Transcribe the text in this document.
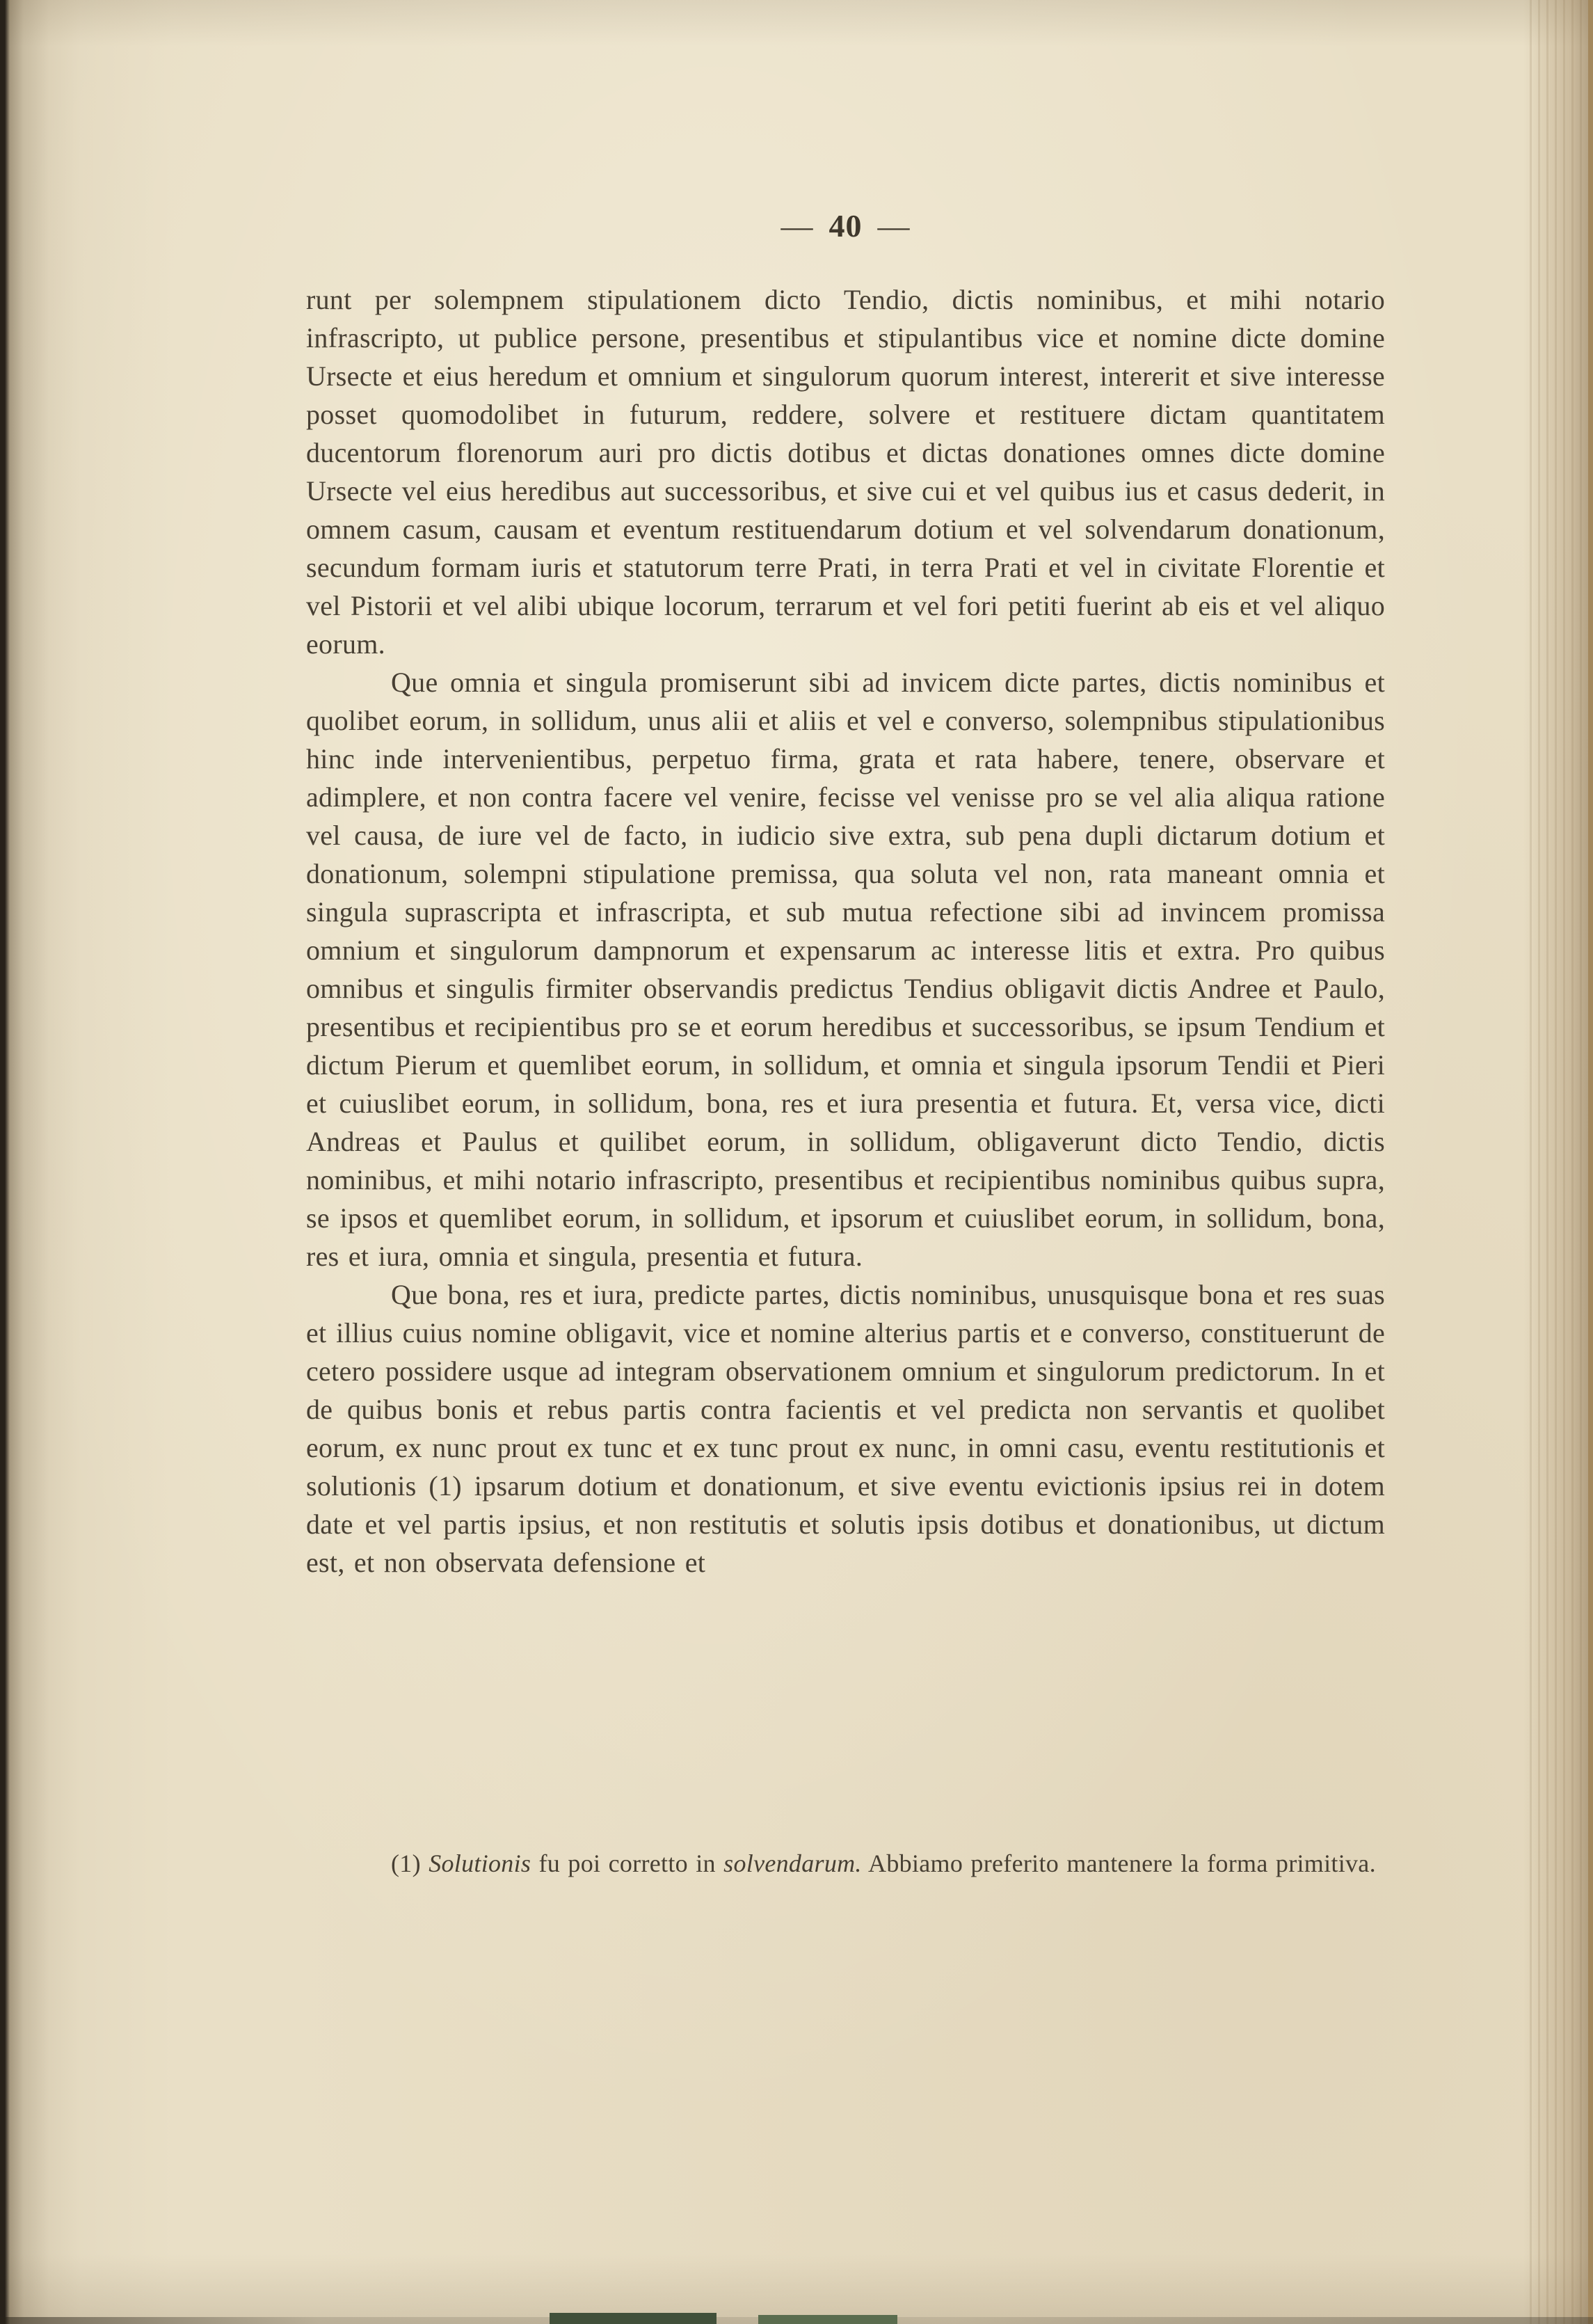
— 40 —

runt per solempnem stipulationem dicto Tendio, dictis nominibus, et mihi notario infrascripto, ut publice persone, presentibus et stipulantibus vice et nomine dicte domine Ursecte et eius heredum et omnium et singulorum quorum interest, intererit et sive interesse posset quomodolibet in futurum, reddere, solvere et restituere dictam quantitatem ducentorum florenorum auri pro dictis dotibus et dictas donationes omnes dicte domine Ursecte vel eius heredibus aut successoribus, et sive cui et vel quibus ius et casus dederit, in omnem casum, causam et eventum restituendarum dotium et vel solvendarum donationum, secundum formam iuris et statutorum terre Prati, in terra Prati et vel in civitate Florentie et vel Pistorii et vel alibi ubique locorum, terrarum et vel fori petiti fuerint ab eis et vel aliquo eorum.

Que omnia et singula promiserunt sibi ad invicem dicte partes, dictis nominibus et quolibet eorum, in sollidum, unus alii et aliis et vel e converso, solempnibus stipulationibus hinc inde intervenientibus, perpetuo firma, grata et rata habere, tenere, observare et adimplere, et non contra facere vel venire, fecisse vel venisse pro se vel alia aliqua ratione vel causa, de iure vel de facto, in iudicio sive extra, sub pena dupli dictarum dotium et donationum, solempni stipulatione premissa, qua soluta vel non, rata maneant omnia et singula suprascripta et infrascripta, et sub mutua refectione sibi ad invincem promissa omnium et singulorum dampnorum et expensarum ac interesse litis et extra. Pro quibus omnibus et singulis firmiter observandis predictus Tendius obligavit dictis Andree et Paulo, presentibus et recipientibus pro se et eorum heredibus et successoribus, se ipsum Tendium et dictum Pierum et quemlibet eorum, in sollidum, et omnia et singula ipsorum Tendii et Pieri et cuiuslibet eorum, in sollidum, bona, res et iura presentia et futura. Et, versa vice, dicti Andreas et Paulus et quilibet eorum, in sollidum, obligaverunt dicto Tendio, dictis nominibus, et mihi notario infrascripto, presentibus et recipientibus nominibus quibus supra, se ipsos et quemlibet eorum, in sollidum, et ipsorum et cuiuslibet eorum, in sollidum, bona, res et iura, omnia et singula, presentia et futura.

Que bona, res et iura, predicte partes, dictis nominibus, unusquisque bona et res suas et illius cuius nomine obligavit, vice et nomine alterius partis et e converso, constituerunt de cetero possidere usque ad integram observationem omnium et singulorum predictorum. In et de quibus bonis et rebus partis contra facientis et vel predicta non servantis et quolibet eorum, ex nunc prout ex tunc et ex tunc prout ex nunc, in omni casu, eventu restitutionis et solutionis (1) ipsarum dotium et donationum, et sive eventu evictionis ipsius rei in dotem date et vel partis ipsius, et non restitutis et solutis ipsis dotibus et donationibus, ut dictum est, et non observata defensione et

(1) Solutionis fu poi corretto in solvendarum. Abbiamo preferito mantenere la forma primitiva.
